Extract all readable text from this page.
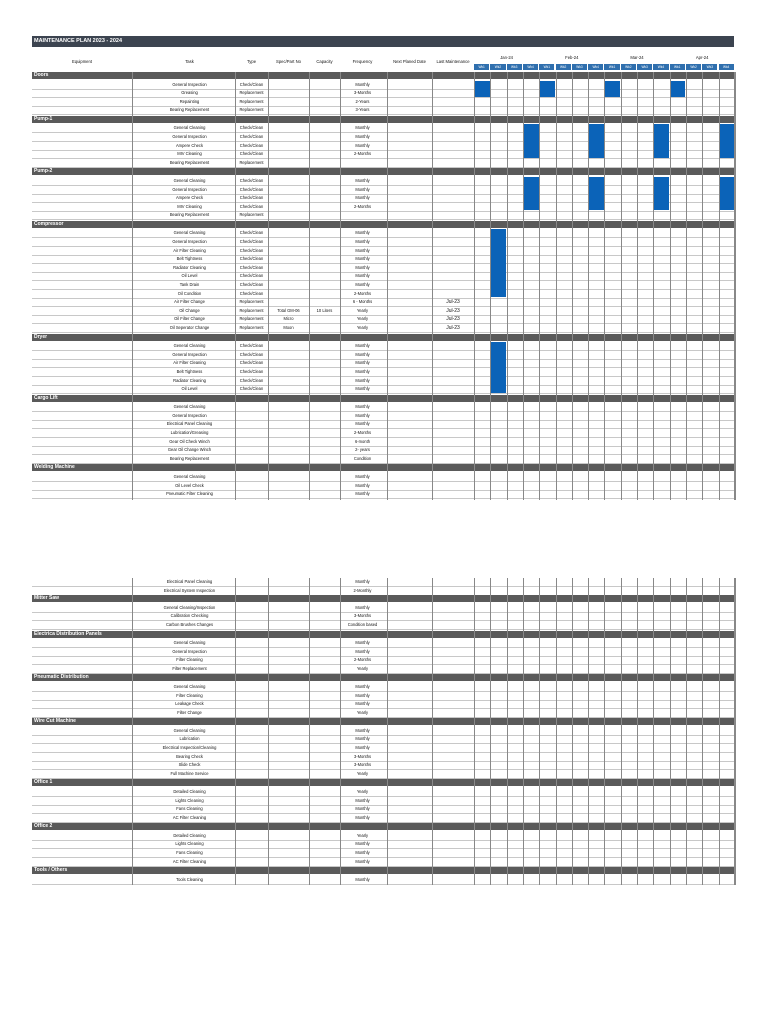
MAINTENANCE PLAN 2023 - 2024
Equipment	Task	Type	Spec/Part No	Capacity	Frequency	Next Planed Date	Last Maintenance
Jan-24	Feb-24	Mar-24	Apr-24
Wk1	Wk2	Wk3	Wk4	Wk1	Wk2	Wk3	Wk4	Wk1	Wk2	Wk3	Wk4	Wk1	Wk2	Wk3	Wk4
Doors
General Inspection	Check/Clean	Monthly
Greasing	Replacement	3-Months
Repainting	Replacement	2-Years
Bearing Replacement	Replacement	3-Years
Pump-1
General Cleaning	Check/Clean	Monthly
General Inspection	Check/Clean	Monthly
Ampere Check	Check/Clean	Monthly
MIV Cleaning	Check/Clean	2-Months
Bearing Replacement	Replacement
Pump-2
General Cleaning	Check/Clean	Monthly
General Inspection	Check/Clean	Monthly
Ampere Check	Check/Clean	Monthly
MIV Cleaning	Check/Clean	2-Months
Bearing Replacement	Replacement
Compressor
General Cleaning	Check/Clean	Monthly
General Inspection	Check/Clean	Monthly
Air Filter Cleaning	Check/Clean	Monthly
Belt Tightness	Check/Clean	Monthly
Radiator Cleaning	Check/Clean	Monthly
Oil Level	Check/Clean	Monthly
Tank Drain	Check/Clean	Monthly
Oil Condition	Check/Clean	2-Months
Air Filter Change	Replacement	6 - Months	Jul-23
Oil Change	Replacement	Total GM-06	10 Liters	Yearly	Jul-23
Oil Filter Change	Replacement	Micro	Yearly	Jul-23
Oil Seperator Change	Replacement	Moon	Yearly	Jul-23
Dryer
General Cleaning	Check/Clean	Monthly
General Inspection	Check/Clean	Monthly
Air Filter Cleaning	Check/Clean	Monthly
Belt Tightness	Check/Clean	Monthly
Radiator Cleaning	Check/Clean	Monthly
Oil Level	Check/Clean	Monthly
Cargo Lift
General Cleaning	Monthly
General Inspection	Monthly
Electrical Panel Cleaning	Monthly
Lubrication/Greasing	2-Months
Gear Oil Check Winch	6-month
Gear Oil Change Winch	2- years
Bearing Replacement	Condition
Welding Machine
General Cleaning	Monthly
Oil Level Check	Monthly
Pneumatic Filter Cleaning	Monthly
Electrical Panel Cleaning	Monthly
Electrical System Inspection	2-Monthly
Mitter Saw
General Cleaning/Inspection	Monthly
Calibration Checking	3-Months
Carbon Brushes Changes	Condition based
Electrica Distribution Panels
General Cleaning	Monthly
General Inspection	Monthly
Filter Cleaning	2-Months
Filter Replacement	Yearly
Pneumatic Distribution
General Cleaning	Monthly
Filter Cleaning	Monthly
Leakage Check	Monthly
Filter Change	Yearly
Wire Cut Machine
General Cleaning	Monthly
Lubrication	Monthly
Electrical Inspection/Cleaning	Monthly
Bearing Check	3-Months
Slide Check	3-Months
Full Machine Service	Yearly
Office 1
Detailed Cleaning	Yearly
Lights Cleaning	Monthly
Fans Cleaning	Monthly
AC Filter Cleaning	Monthly
Office 2
Detailed Cleaning	Yearly
Lights Cleaning	Monthly
Fans Cleaning	Monthly
AC Filter Cleaning	Monthly
Tools / Others
Tools Cleaning	Monthly
